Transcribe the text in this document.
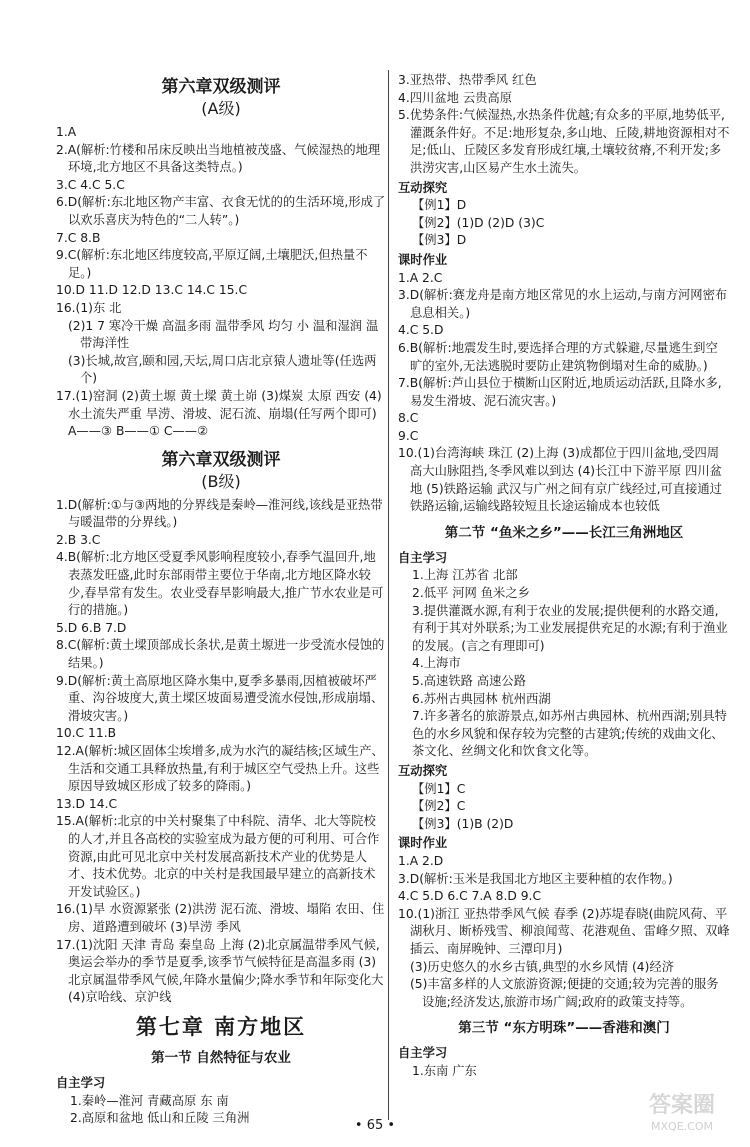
第六章双级测评
(A级)
1.A
2.A(解析:竹楼和吊床反映出当地植被茂盛、气候湿热的地理环境,北方地区不具备这类特点。)
3.C 4.C 5.C
6.D(解析:东北地区物产丰富、衣食无忧的的生活环境,形成了以欢乐喜庆为特色的“二人转”。)
7.C 8.B
9.C(解析:东北地区纬度较高,平原辽阔,土壤肥沃,但热量不足。)
10.D 11.D 12.D 13.C 14.C 15.C
16.(1)东 北
(2)1 7 寒冷干燥 高温多雨 温带季风 均匀 小 温和湿润 温带海洋性
(3)长城,故宫,颐和园,天坛,周口店北京猿人遗址等(任选两个)
17.(1)窑洞 (2)黄土塬 黄土墚 黄土峁 (3)煤炭 太原 西安 (4)水土流失严重 旱涝、滑坡、泥石流、崩塌(任写两个即可) A——③ B——① C——②
第六章双级测评
(B级)
1.D(解析:①与③两地的分界线是秦岭—淮河线,该线是亚热带与暖温带的分界线。)
2.B 3.C
4.B(解析:北方地区受夏季风影响程度较小,春季气温回升,地表蒸发旺盛,此时东部雨带主要位于华南,北方地区降水较少,春旱常有发生。农业受春旱影响最大,推广节水农业是可行的措施。)
5.D 6.B 7.D
8.C(解析:黄土墚顶部成长条状,是黄土塬进一步受流水侵蚀的结果。)
9.D(解析:黄土高原地区降水集中,夏季多暴雨,因植被破坏严重、沟谷坡度大,黄土墚区坡面易遭受流水侵蚀,形成崩塌、滑坡灾害。)
10.C 11.B
12.A(解析:城区固体尘埃增多,成为水汽的凝结核;区域生产、生活和交通工具释放热量,有利于城区空气受热上升。这些原因导致城区形成了较多的降雨。)
13.D 14.C
15.A(解析:北京的中关村聚集了中科院、清华、北大等院校的人才,并且各高校的实验室成为最方便的可利用、可合作资源,由此可见北京中关村发展高新技术产业的优势是人才、技术优势。北京的中关村是我国最早建立的高新技术开发试验区。)
16.(1)旱 水资源紧张 (2)洪涝 泥石流、滑坡、塌陷 农田、住房、道路遭到破坏 (3)旱涝 季风
17.(1)沈阳 天津 青岛 秦皇岛 上海 (2)北京属温带季风气候,奥运会举办的季节是夏季,该季节气候特征是高温多雨 (3)北京属温带季风气候,年降水量偏少;降水季节和年际变化大 (4)京哈线、京沪线
第七章 南方地区
第一节 自然特征与农业
自主学习
1.秦岭—淮河 青藏高原 东 南
2.高原和盆地 低山和丘陵 三角洲
3.亚热带、热带季风 红色
4.四川盆地 云贵高原
5.优势条件:气候湿热,水热条件优越;有众多的平原,地势低平,灌溉条件好。不足:地形复杂,多山地、丘陵,耕地资源相对不足;低山、丘陵区多发育形成红壤,土壤较贫瘠,不利开发;多洪涝灾害,山区易产生水土流失。
互动探究
【例1】D
【例2】(1)D (2)D (3)C
【例3】D
课时作业
1.A 2.C
3.D(解析:赛龙舟是南方地区常见的水上运动,与南方河网密布息息相关。)
4.C 5.D
6.B(解析:地震发生时,要选择合理的方式躲避,尽量逃生到空旷的室外,无法逃脱时要防止建筑物倒塌对生命的威胁。)
7.B(解析:芦山县位于横断山区附近,地质运动活跃,且降水多,易发生滑坡、泥石流灾害。)
8.C
9.C
10.(1)台湾海峡 珠江 (2)上海 (3)成都位于四川盆地,受四周高大山脉阻挡,冬季风难以到达 (4)长江中下游平原 四川盆地 (5)铁路运输 武汉与广州之间有京广线经过,可直接通过铁路运输,运输线路较短且长途运输成本也较低
第二节 “鱼米之乡”——长江三角洲地区
自主学习
1.上海 江苏省 北部
2.低平 河网 鱼米之乡
3.提供灌溉水源,有利于农业的发展;提供便利的水路交通,有利于其对外联系;为工业发展提供充足的水源;有利于渔业的发展。(言之有理即可)
4.上海市
5.高速铁路 高速公路
6.苏州古典园林 杭州西湖
7.许多著名的旅游景点,如苏州古典园林、杭州西湖;别具特色的水乡风貌和保存较为完整的古建筑;传统的戏曲文化、茶文化、丝绸文化和饮食文化等。
互动探究
【例1】C
【例2】C
【例3】(1)B (2)D
课时作业
1.A 2.D
3.D(解析:玉米是我国北方地区主要种植的农作物。)
4.C 5.D 6.C 7.A 8.D 9.C
10.(1)浙江 亚热带季风气候 春季 (2)苏堤春晓(曲院风荷、平湖秋月、断桥残雪、柳浪闻莺、花港观鱼、雷峰夕照、双峰插云、南屏晚钟、三潭印月)
(3)历史悠久的水乡古镇,典型的水乡风情 (4)经济
(5)丰富多样的人文旅游资源;便捷的交通;较为完善的服务设施;经济发达,旅游市场广阔;政府的政策支持等。
第三节 “东方明珠”——香港和澳门
自主学习
1.东南 广东
• 65 •
答案圈
MXQE.COM
